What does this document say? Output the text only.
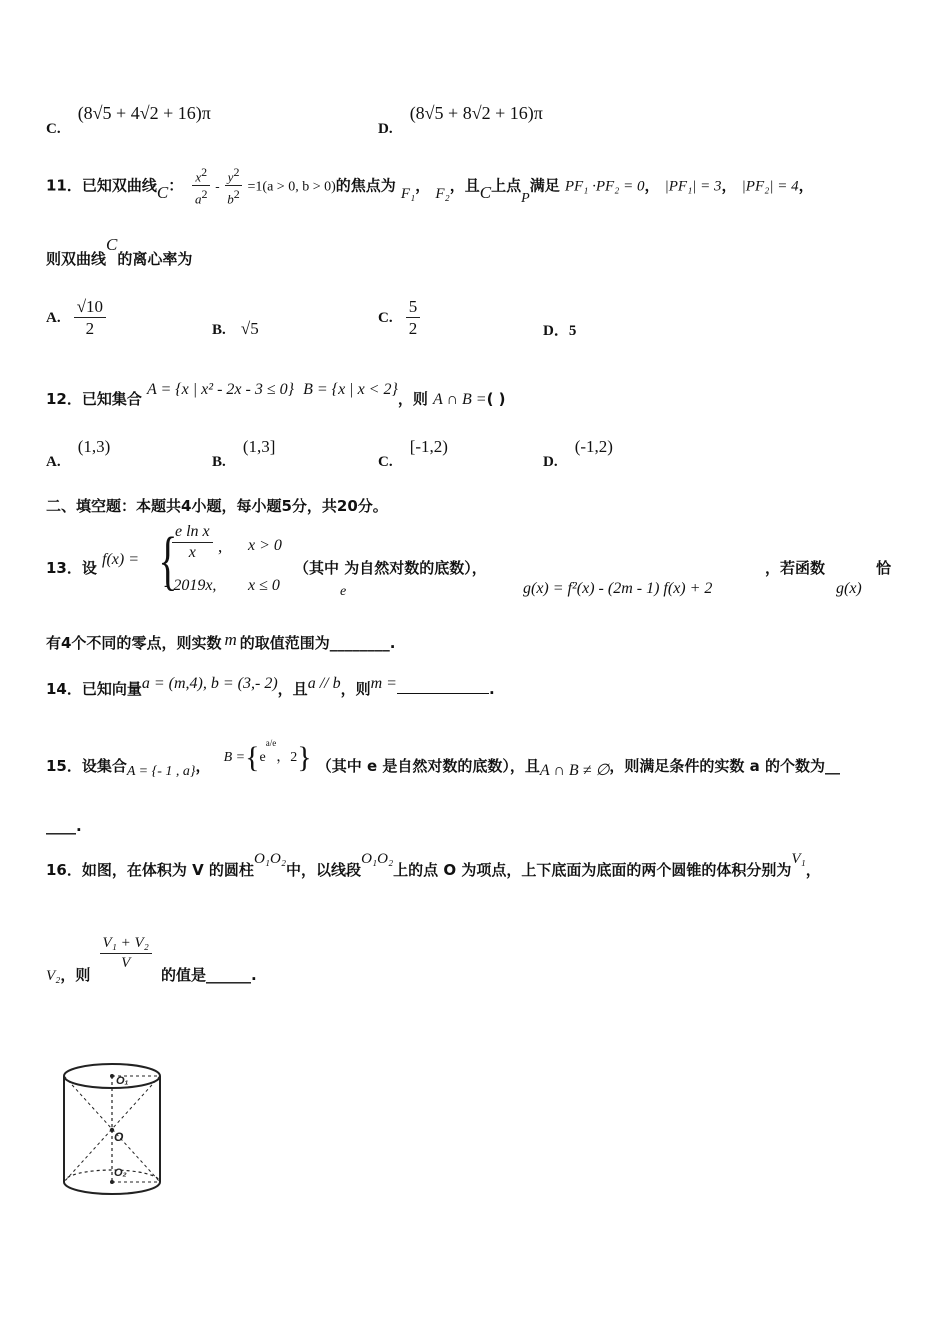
C. (8√5 + 4√2 + 16)π
D. (8√5 + 8√2 + 16)π
11．已知双曲线C： $\frac{x^2}{a^2} - \frac{y^2}{b^2} =1(a > 0$, b > 0)的焦点为 F₁， F₂，且C上点P满足 PF₁ ·PF₂ = 0， |PF₁| = 3， |PF₂| = 4，
则双曲线C的离心率为
A. $\frac{√10}{2}$	B. √5
C. $\frac{5}{2}$	D．5
12．已知集合 A = {x | x² - 2x - 3 ≤ 0} B = {x | x < 2}，则 A ∩ B =( )
A. (1,3)
B. (1,3]
C. [-1,2)
D. (-1,2)
二、填空题：本题共4小题，每小题5分，共20分。
13．设 f(x) = {
$\frac{\text{e ln x}}{x}$ , x > 0
- 2019x, x ≤ 0
（其中 为自然对数的底数），
e	g(x) = f²(x) - (2m - 1) f(x) + 2
，若函数	恰
g(x)
有4个不同的零点，则实数 m 的取值范围为________.
14．已知向量a = (m,4), b = (3,- 2)，且a // b，则m =	.
15．设集合A = {- 1 , a}， $B =\{e^{a/e}$，2} （其中 e 是自然对数的底数），且A ∩ B ≠ ∅，则满足条件的实数 a 的个数为__
____.
16．如图，在体积为 V 的圆柱O₁O₂中，以线段O₁O₂上的点 O 为项点，上下底面为底面的两个圆锥的体积分别为V₁，
V₂，则
$\frac{\text{V₁ + V₂}}{V}$
的值是______.
O₁
O
O₂
